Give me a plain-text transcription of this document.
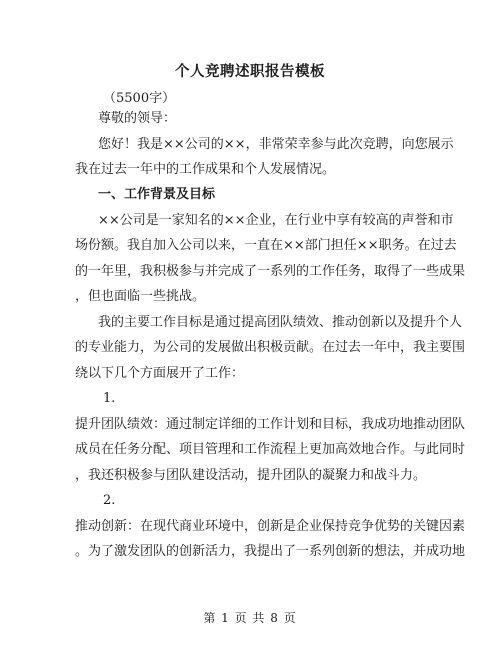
个人竞聘述职报告模板
（5500字）
尊敬的领导：
您好！我是××公司的××，非常荣幸参与此次竞聘，向您展示
我在过去一年中的工作成果和个人发展情况。
一、工作背景及目标
××公司是一家知名的××企业，在行业中享有较高的声誉和市
场份额。我自加入公司以来，一直在××部门担任××职务。在过去
的一年里，我积极参与并完成了一系列的工作任务，取得了一些成果
，但也面临一些挑战。
我的主要工作目标是通过提高团队绩效、推动创新以及提升个人
的专业能力，为公司的发展做出积极贡献。在过去一年中，我主要围
绕以下几个方面展开了工作：
1.
提升团队绩效：通过制定详细的工作计划和目标，我成功地推动团队
成员在任务分配、项目管理和工作流程上更加高效地合作。与此同时
，我还积极参与团队建设活动，提升团队的凝聚力和战斗力。
2.
推动创新：在现代商业环境中，创新是企业保持竞争优势的关键因素
。为了激发团队的创新活力，我提出了一系列创新的想法，并成功地
第 1 页 共 8 页
